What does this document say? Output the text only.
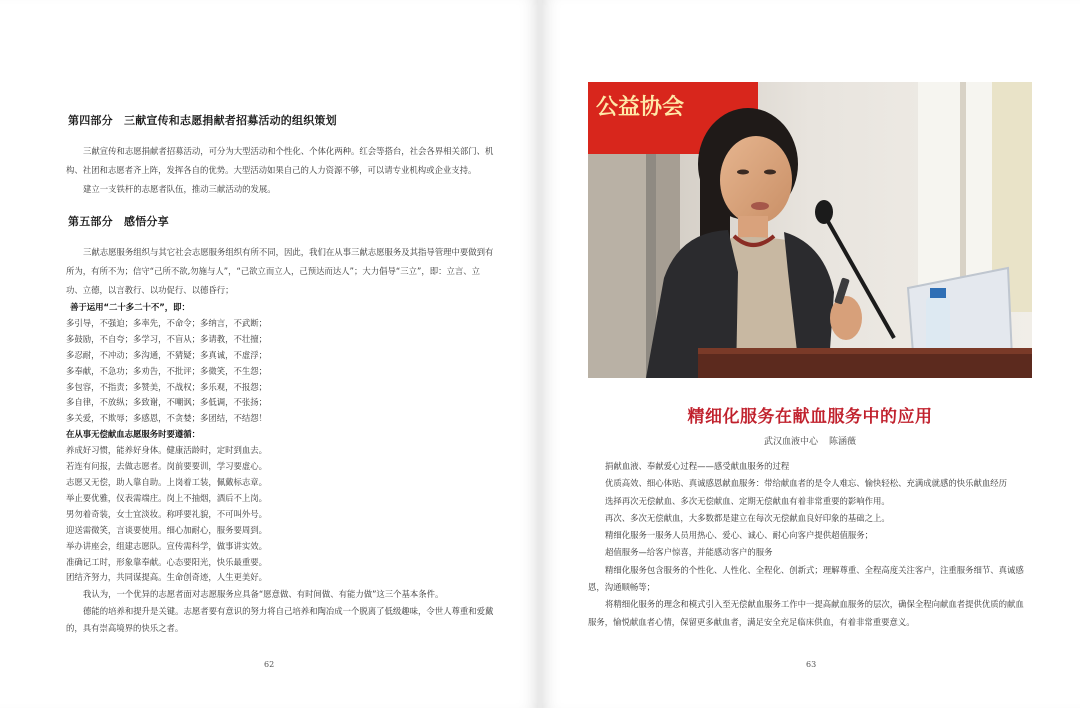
第四部分　三献宣传和志愿捐献者招募活动的组织策划

三献宣传和志愿捐献者招募活动，可分为大型活动和个性化、个体化两种。红会等搭台，社会各界相关部门、机构、社团和志愿者齐上阵，发挥各自的优势。大型活动如果自己的人力资源不够，可以请专业机构或企业支持。

建立一支铁杆的志愿者队伍，推动三献活动的发展。

第五部分　感悟分享

三献志愿服务组织与其它社会志愿服务组织有所不同，因此，我们在从事三献志愿服务及其指导管理中要做到有所为，有所不为；信守“己所不欲,勿施与人”，“己欲立而立人，己预达而达人”；大力倡导“三立”，即：立言、立功、立德，以言教行、以功促行、以德昏行；

善于运用“二十多二十不”，即：
多引导，不强迫；多率先，不命令；多纳言，不武断；
多鼓励，不自夸；多学习，不盲从；多请教，不壮擅；
多忍耐，不冲动；多沟通，不猜疑；多真诚，不虚浮；
多奉献，不急功；多劝告，不批评；多微笑，不生怨；
多包容，不指责；多赞美，不战权；多乐观，不报怨；
多自律，不放纵；多致谢，不嘲讽；多低调，不张扬；
多关爱，不欺辱；多感恩，不贪婪；多团结，不结怨！
在从事无偿献血志愿服务时要遵循：
养成好习惯，能养好身体。健康活龄时，定时到血去。
若连有问报，去做志愿者。岗前要要训，学习要虚心。
志愿又无偿，助人靠自助。上岗着工装，佩戴标志章。
举止要优雅，仪表需端庄。岗上不抽烟，酒后不上岗。
男勿着奇装，女士宜淡妆。称呼要礼貌，不可叫外号。
迎送需微笑，言谈要使用。细心加耐心，服务要周到。
举办讲座会，组建志愿队。宣传需科学，做事讲实效。
准确记工时，形象靠奉献。心态要阳光，快乐最重要。
团结齐努力，共同谋提高。生命创奇迹，人生更美好。

我认为，一个优异的志愿者面对志愿服务应具备“愿意做、有时间做、有能力做”这三个基本条件。

德能的培养和提升是关键。志愿者要有意识的努力将自己培养和陶冶成一个脱离了低级趣味，令世人尊重和爱戴的，具有崇高境界的快乐之者。

62
公益协会
精细化服务在献血服务中的应用
武汉血液中心 陈涵薇

捐献血液、奉献爱心过程——感受献血服务的过程

优质高效、细心体贴、真诚感恩献血服务：带给献血者的是令人难忘、愉快轻松、充满成就感的快乐献血经历

选择再次无偿献血、多次无偿献血、定期无偿献血有着非常重要的影响作用。

再次、多次无偿献血，大多数都是建立在每次无偿献血良好印象的基础之上。

精细化服务一服务人员用热心、爱心、诚心、耐心向客户提供超值服务；

超值服务—给客户惊喜，并能感动客户的服务

精细化服务包含服务的个性化、人性化、全程化、创新式；理解尊重、全程高度关注客户，注重服务细节、真诚感恩，沟通顺畅等；

将精细化服务的理念和模式引入至无偿献血服务工作中一提高献血服务的层次，确保全程向献血者提供优质的献血服务，愉悦献血者心情，保留更多献血者，满足安全充足临床供血，有着非常重要意义。

63
